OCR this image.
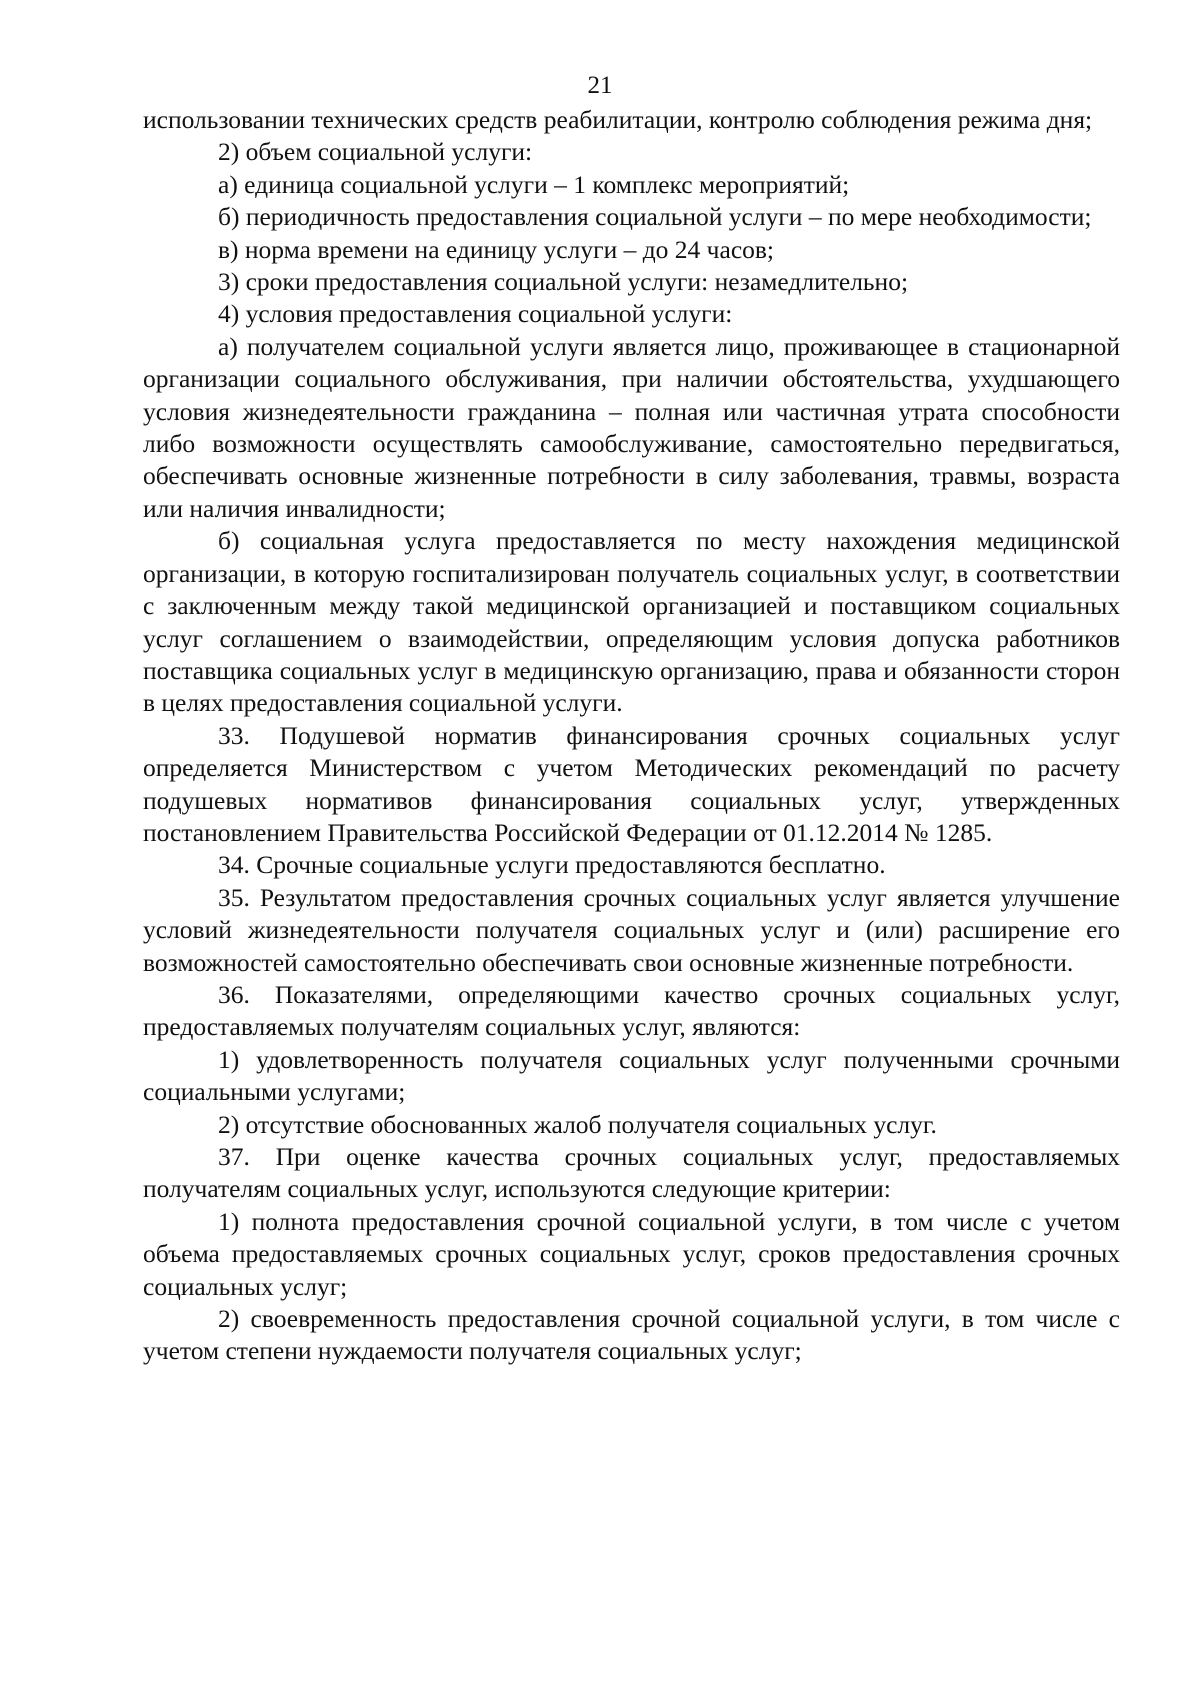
21

использовании технических средств реабилитации, контролю соблюдения режима дня;

2) объем социальной услуги:

а) единица социальной услуги – 1 комплекс мероприятий;

б) периодичность предоставления социальной услуги – по мере необходимости;

в) норма времени на единицу услуги – до 24 часов;

3) сроки предоставления социальной услуги: незамедлительно;

4) условия предоставления социальной услуги:

а) получателем социальной услуги является лицо, проживающее в стационарной организации социального обслуживания, при наличии обстоятельства, ухудшающего условия жизнедеятельности гражданина – полная или частичная утрата способности либо возможности осуществлять самообслуживание, самостоятельно передвигаться, обеспечивать основные жизненные потребности в силу заболевания, травмы, возраста или наличия инвалидности;

б) социальная услуга предоставляется по месту нахождения медицинской организации, в которую госпитализирован получатель социальных услуг, в соответствии с заключенным между такой медицинской организацией и поставщиком социальных услуг соглашением о взаимодействии, определяющим условия допуска работников поставщика социальных услуг в медицинскую организацию, права и обязанности сторон в целях предоставления социальной услуги.

33. Подушевой норматив финансирования срочных социальных услуг определяется Министерством с учетом Методических рекомендаций по расчету подушевых нормативов финансирования социальных услуг, утвержденных постановлением Правительства Российской Федерации от 01.12.2014 № 1285.

34. Срочные социальные услуги предоставляются бесплатно.

35. Результатом предоставления срочных социальных услуг является улучшение условий жизнедеятельности получателя социальных услуг и (или) расширение его возможностей самостоятельно обеспечивать свои основные жизненные потребности.

36. Показателями, определяющими качество срочных социальных услуг, предоставляемых получателям социальных услуг, являются:

1) удовлетворенность получателя социальных услуг полученными срочными социальными услугами;

2) отсутствие обоснованных жалоб получателя социальных услуг.

37. При оценке качества срочных социальных услуг, предоставляемых получателям социальных услуг, используются следующие критерии:

1) полнота предоставления срочной социальной услуги, в том числе с учетом объема предоставляемых срочных социальных услуг, сроков предоставления срочных социальных услуг;

2) своевременность предоставления срочной социальной услуги, в том числе с учетом степени нуждаемости получателя социальных услуг;
